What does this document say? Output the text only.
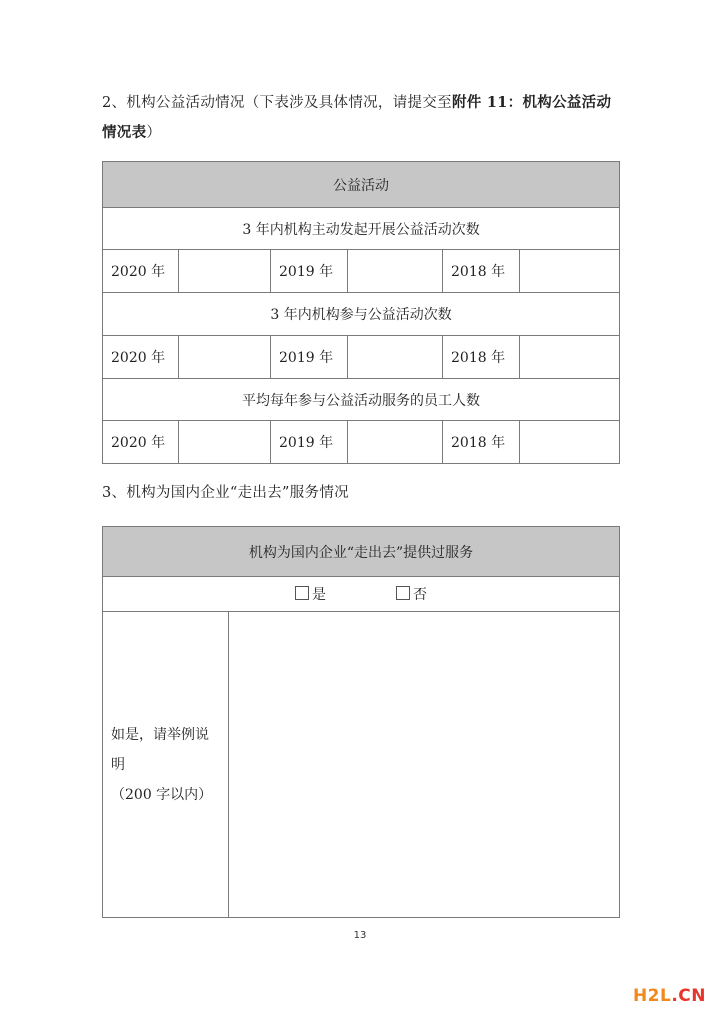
2、机构公益活动情况（下表涉及具体情况，请提交至附件 11：机构公益活动情况表）
公益活动					
3 年内机构主动发起开展公益活动次数					
2020 年		2019 年		2018 年	
3 年内机构参与公益活动次数					
2020 年		2019 年		2018 年	
平均每年参与公益活动服务的员工人数					
2020 年		2019 年		2018 年	
3、机构为国内企业“走出去”服务情况
机构为国内企业“走出去”提供过服务
是	否

如是，请举例说明
（200 字以内）

13
H2L.CN
